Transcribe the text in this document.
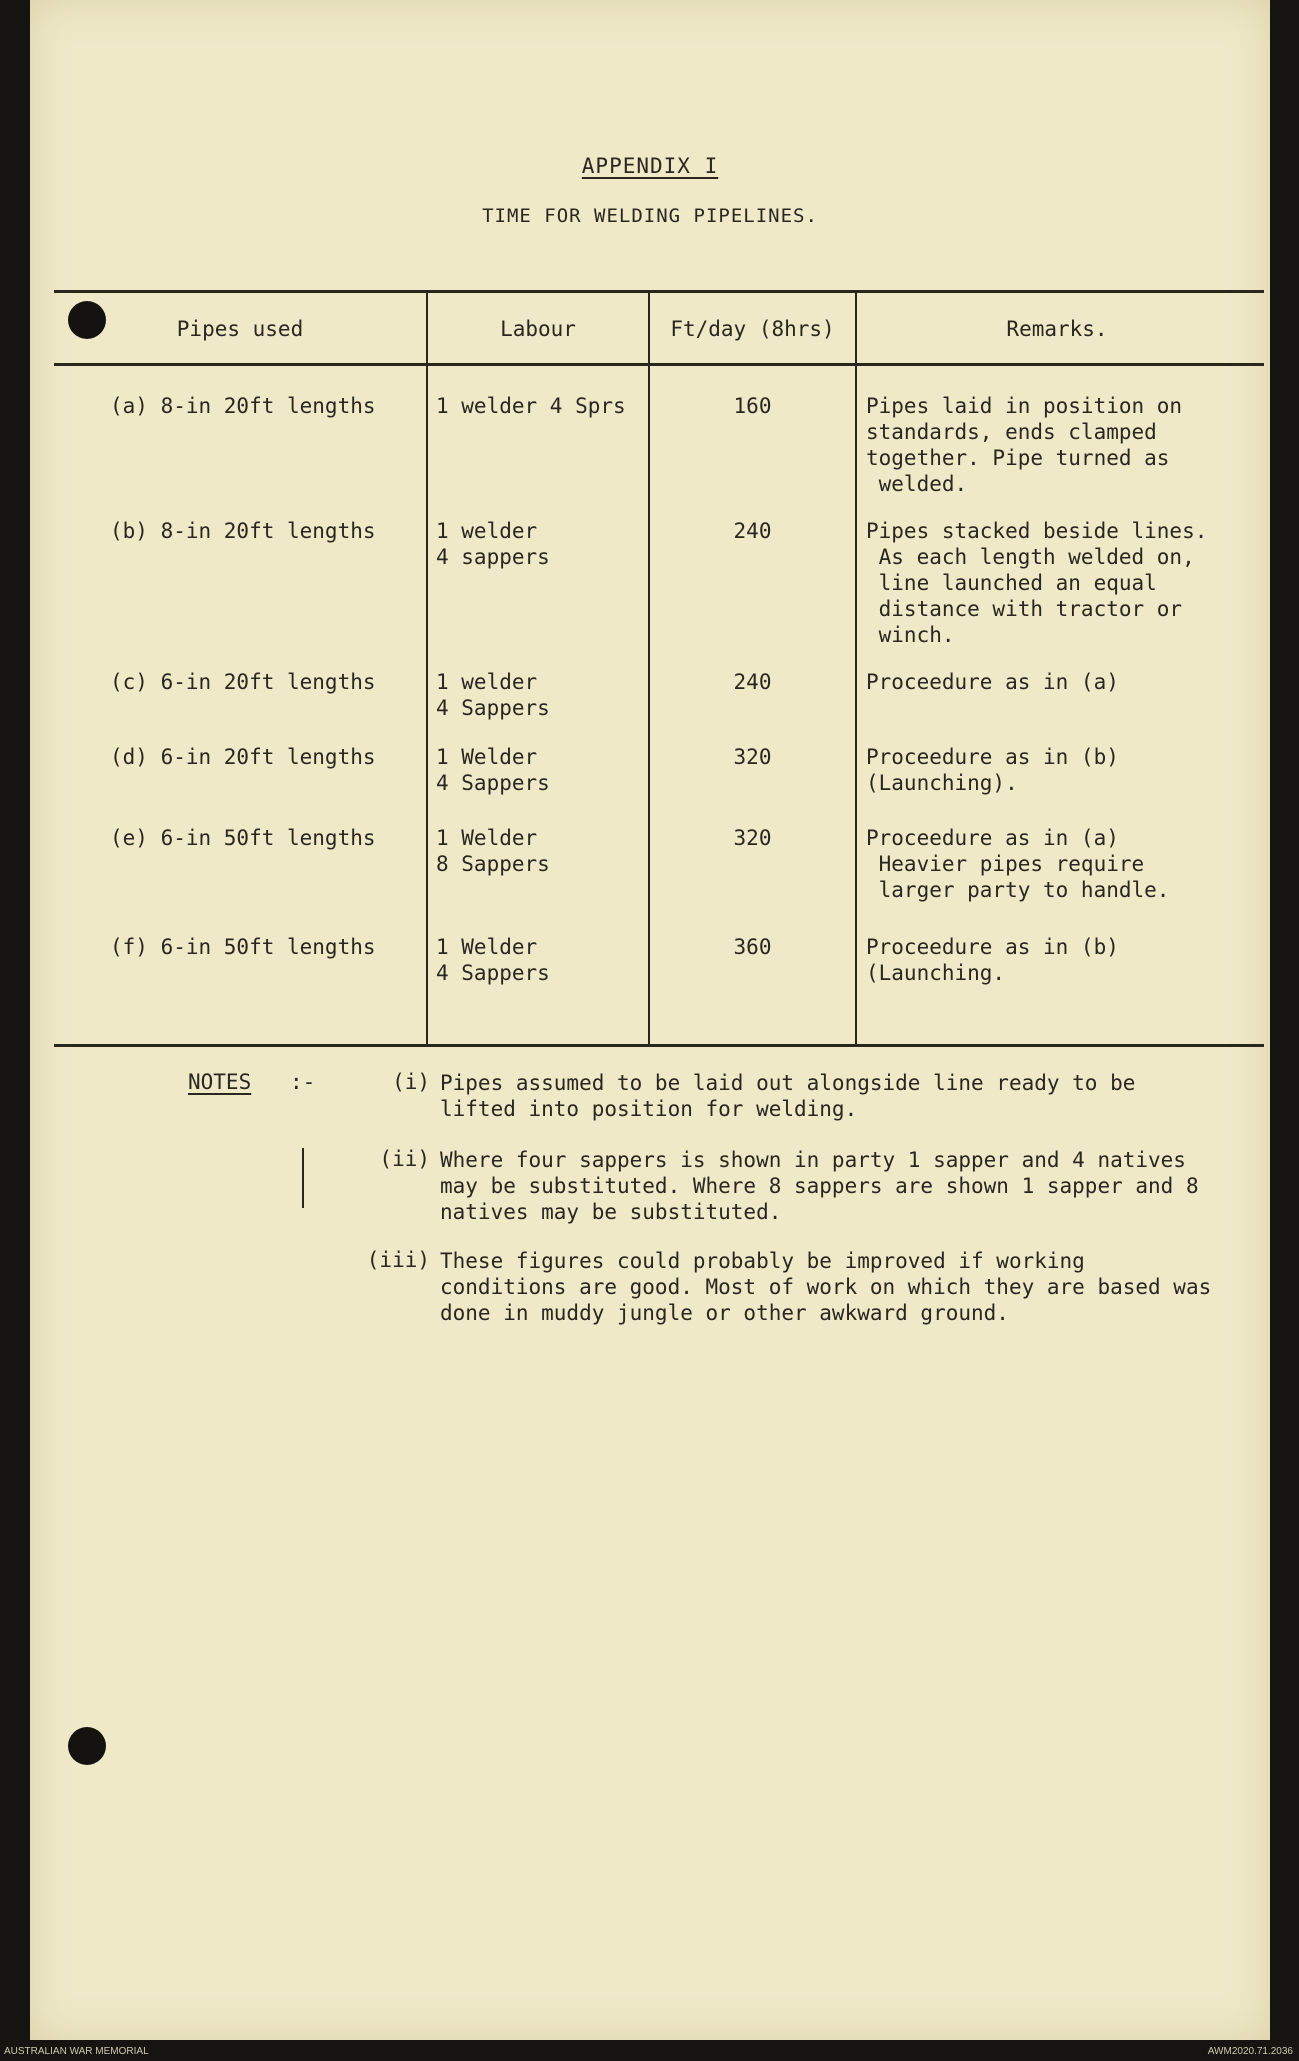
APPENDIX I
TIME FOR WELDING PIPELINES.
Pipes used	Labour	Ft/day (8hrs)	Remarks.
(a) 8-in 20ft lengths	1 welder 4 Sprs	160	Pipes laid in position on
standards, ends clamped
together. Pipe turned as
welded.
(b) 8-in 20ft lengths	1 welder
4 sappers
240	Pipes stacked beside lines.
As each length welded on,
line launched an equal
distance with tractor or
winch.
(c) 6-in 20ft lengths	1 welder
4 Sappers
240	Proceedure as in (a)
(d) 6-in 20ft lengths	1 Welder
4 Sappers
320	Proceedure as in (b)
(Launching).
(e) 6-in 50ft lengths	1 Welder
8 Sappers
320	Proceedure as in (a)
Heavier pipes require
larger party to handle.
(f) 6-in 50ft lengths	1 Welder
4 Sappers
360	Proceedure as in (b)
(Launching.
NOTES :-	(i) Pipes assumed to be laid out alongside line ready to be lifted into position for welding.
(ii) Where four sappers is shown in party 1 sapper and 4 natives may be substituted. Where 8 sappers are shown 1 sapper and 8 natives may be substituted.
(iii) These figures could probably be improved if working conditions are good. Most of work on which they are based was done in muddy jungle or other awkward ground.
AUSTRALIAN WAR MEMORIAL	AWM2020.71.2036
